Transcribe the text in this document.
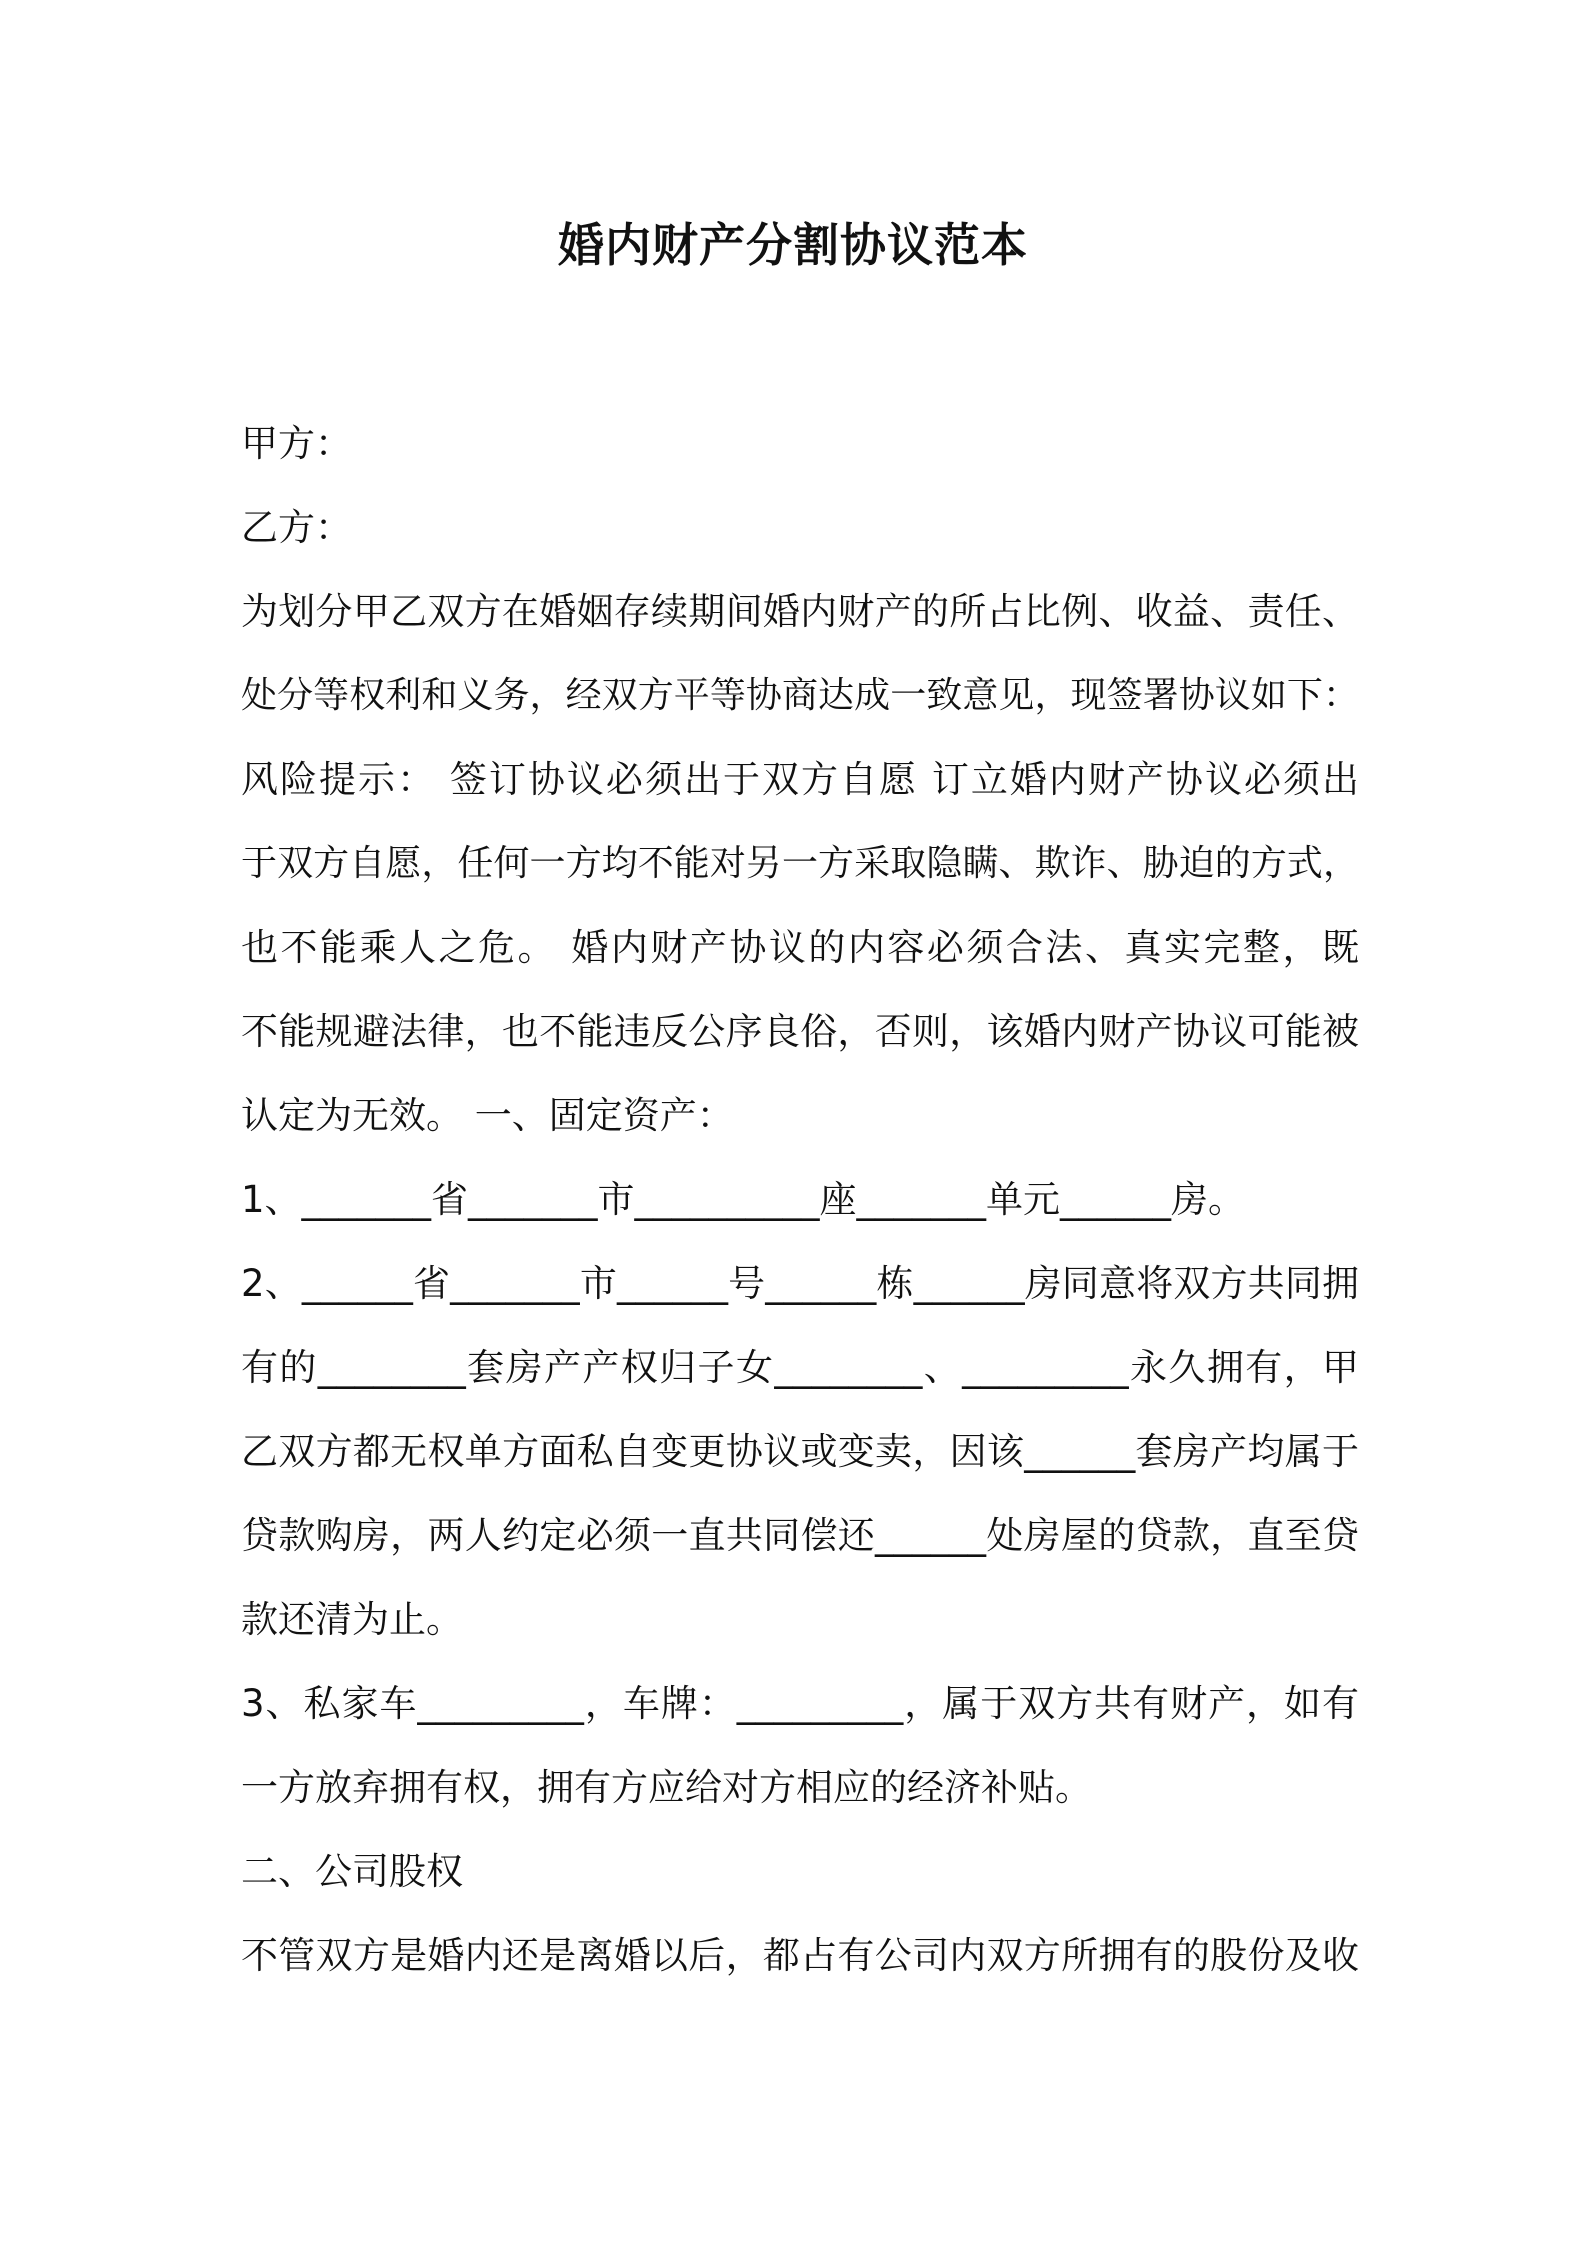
婚内财产分割协议范本
甲方：
乙方：
为划分甲乙双方在婚姻存续期间婚内财产的所占比例、收益、责任、
处分等权利和义务，经双方平等协商达成一致意见，现签署协议如下：
风险提示： 签订协议必须出于双方自愿 订立婚内财产协议必须出
于双方自愿，任何一方均不能对另一方采取隐瞒、欺诈、胁迫的方式，
也不能乘人之危。 婚内财产协议的内容必须合法、真实完整，既
不能规避法律，也不能违反公序良俗，否则，该婚内财产协议可能被
认定为无效。 一、固定资产：
1、_______省_______市__________座_______单元______房。
2、______省_______市______号______栋______房同意将双方共同拥
有的________套房产产权归子女________、_________永久拥有，甲
乙双方都无权单方面私自变更协议或变卖，因该______套房产均属于
贷款购房，两人约定必须一直共同偿还______处房屋的贷款，直至贷
款还清为止。
3、私家车_________，车牌：_________，属于双方共有财产，如有
一方放弃拥有权，拥有方应给对方相应的经济补贴。
二、公司股权
不管双方是婚内还是离婚以后，都占有公司内双方所拥有的股份及收
